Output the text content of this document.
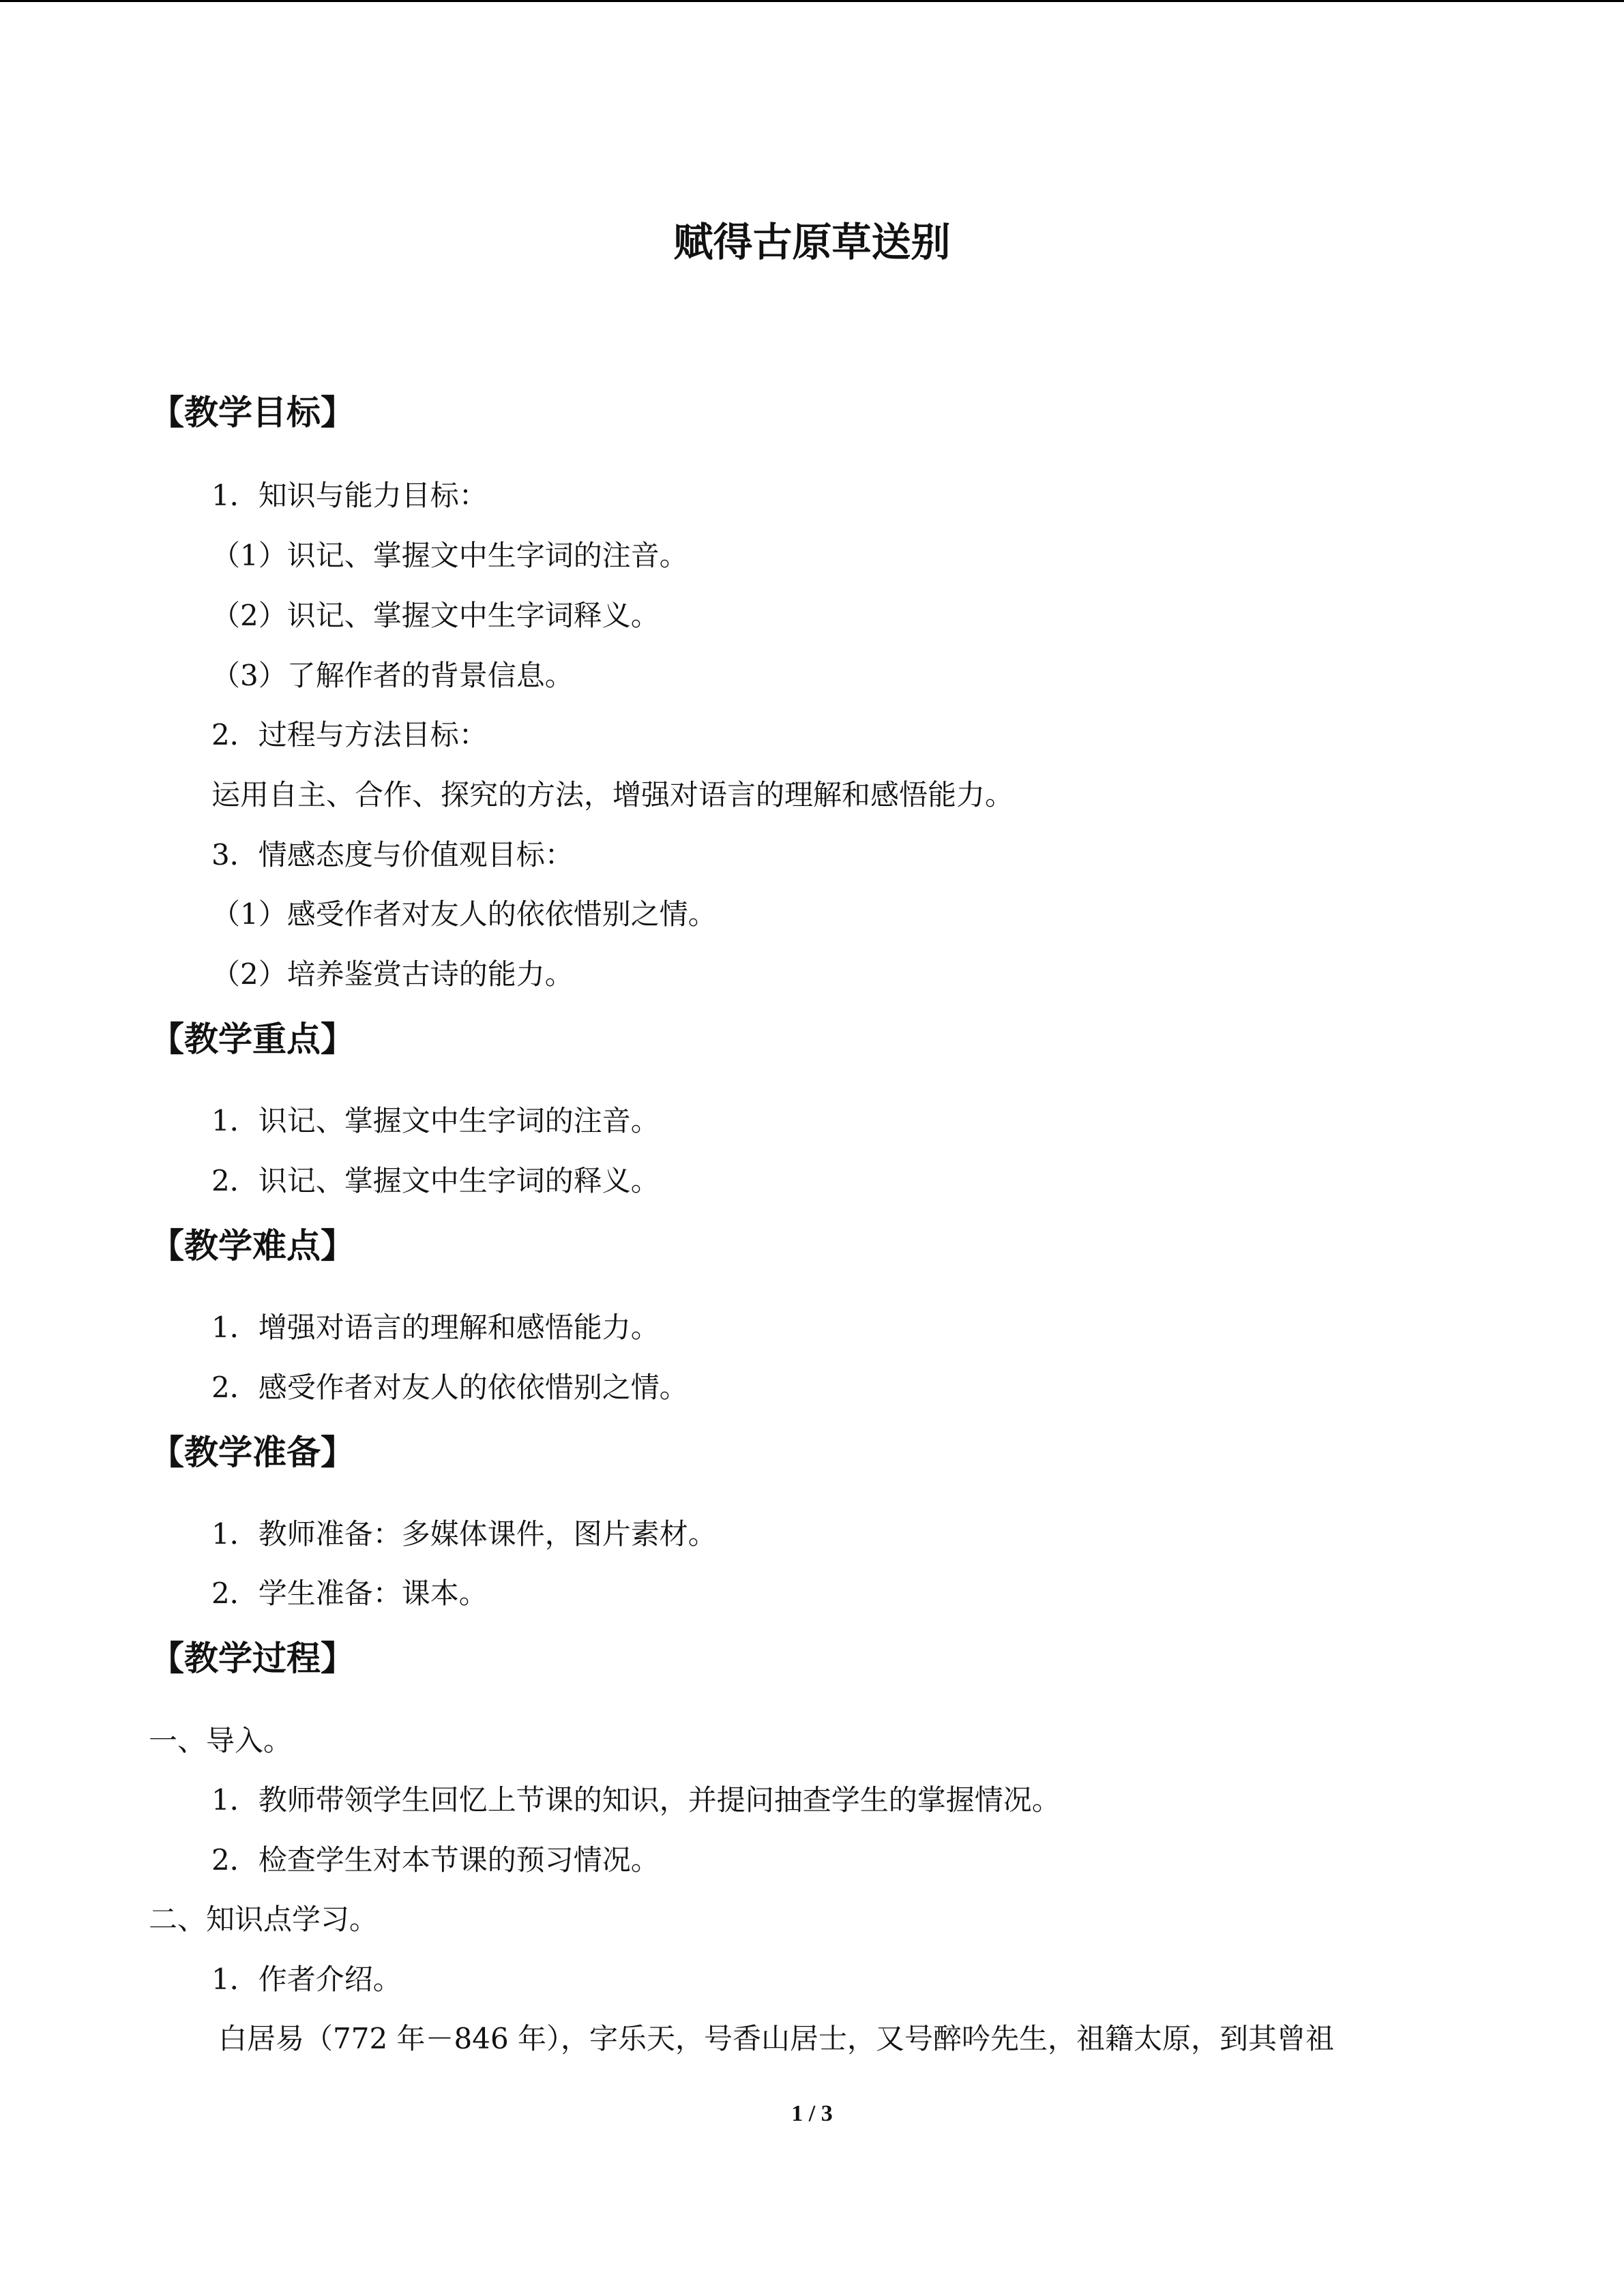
赋得古原草送别
【教学目标】
1．知识与能力目标：
（1）识记、掌握文中生字词的注音。
（2）识记、掌握文中生字词释义。
（3）了解作者的背景信息。
2．过程与方法目标：
运用自主、合作、探究的方法，增强对语言的理解和感悟能力。
3．情感态度与价值观目标：
（1）感受作者对友人的依依惜别之情。
（2）培养鉴赏古诗的能力。
【教学重点】
1．识记、掌握文中生字词的注音。
2．识记、掌握文中生字词的释义。
【教学难点】
1．增强对语言的理解和感悟能力。
2．感受作者对友人的依依惜别之情。
【教学准备】
1．教师准备：多媒体课件，图片素材。
2．学生准备：课本。
【教学过程】
一、导入。
1．教师带领学生回忆上节课的知识，并提问抽查学生的掌握情况。
2．检查学生对本节课的预习情况。
二、知识点学习。
1．作者介绍。
白居易（772 年－846 年），字乐天，号香山居士，又号醉吟先生，祖籍太原，到其曾祖
1 / 3
